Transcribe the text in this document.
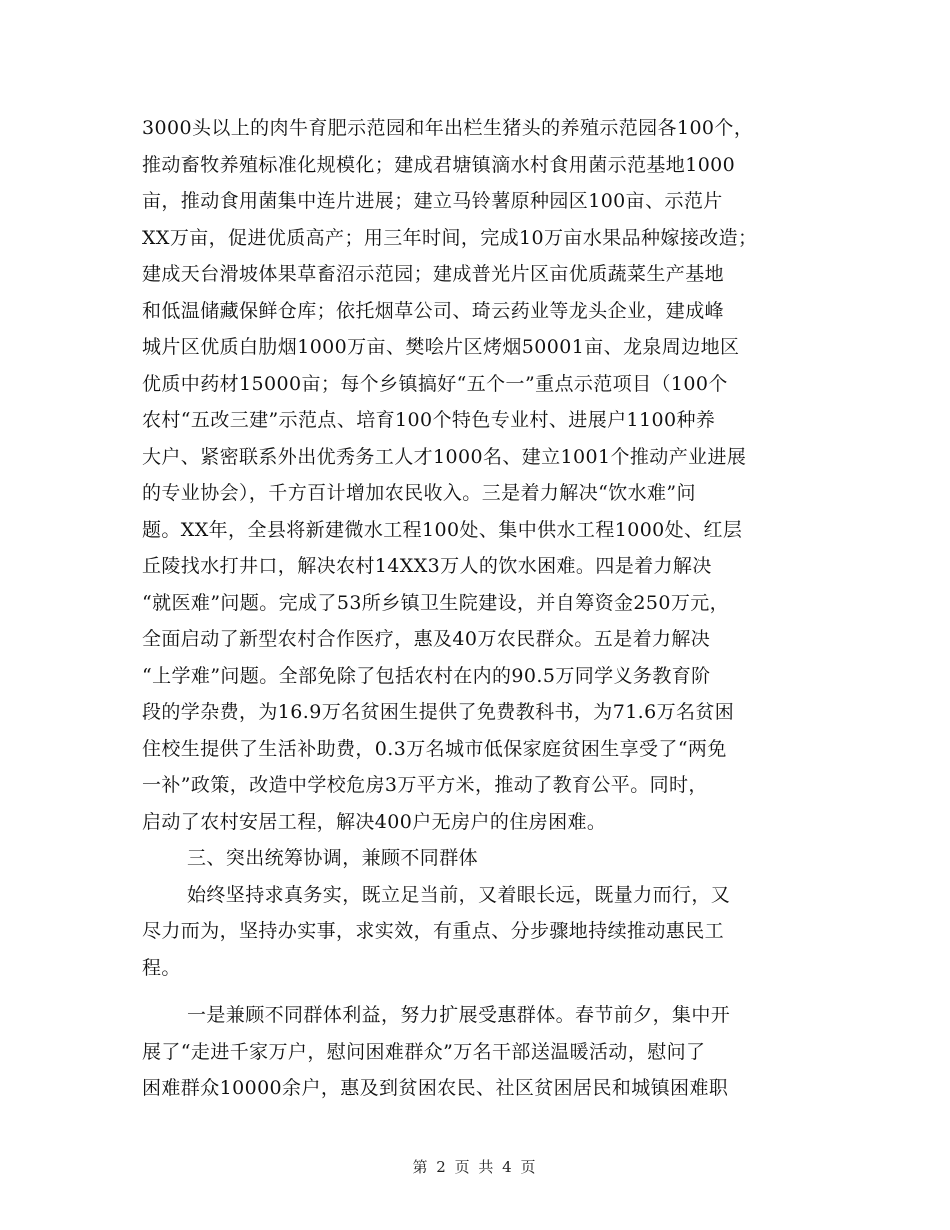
3000头以上的肉牛育肥示范园和年出栏生猪头的养殖示范园各100个，
推动畜牧养殖标准化规模化；建成君塘镇滴水村食用菌示范基地1000
亩，推动食用菌集中连片进展；建立马铃薯原种园区100亩、示范片
XX万亩，促进优质高产；用三年时间，完成10万亩水果品种嫁接改造；
建成天台滑坡体果草畜沼示范园；建成普光片区亩优质蔬菜生产基地
和低温储藏保鲜仓库；依托烟草公司、琦云药业等龙头企业，建成峰
城片区优质白肋烟1000万亩、樊哙片区烤烟50001亩、龙泉周边地区
优质中药材15000亩；每个乡镇搞好“五个一”重点示范项目（100个
农村“五改三建”示范点、培育100个特色专业村、进展户1100种养
大户、紧密联系外出优秀务工人才1000名、建立1001个推动产业进展
的专业协会），千方百计增加农民收入。三是着力解决“饮水难”问
题。XX年，全县将新建微水工程100处、集中供水工程1000处、红层
丘陵找水打井口，解决农村14XX3万人的饮水困难。四是着力解决
“就医难”问题。完成了53所乡镇卫生院建设，并自筹资金250万元，
全面启动了新型农村合作医疗，惠及40万农民群众。五是着力解决
“上学难”问题。全部免除了包括农村在内的90.5万同学义务教育阶
段的学杂费，为16.9万名贫困生提供了免费教科书，为71.6万名贫困
住校生提供了生活补助费，0.3万名城市低保家庭贫困生享受了“两免
一补”政策，改造中学校危房3万平方米，推动了教育公平。同时，
启动了农村安居工程，解决400户无房户的住房困难。
三、突出统筹协调，兼顾不同群体
始终坚持求真务实，既立足当前，又着眼长远，既量力而行，又
尽力而为，坚持办实事，求实效，有重点、分步骤地持续推动惠民工
程。
一是兼顾不同群体利益，努力扩展受惠群体。春节前夕，集中开
展了“走进千家万户，慰问困难群众”万名干部送温暖活动，慰问了
困难群众10000余户，惠及到贫困农民、社区贫困居民和城镇困难职
第 2 页 共 4 页
